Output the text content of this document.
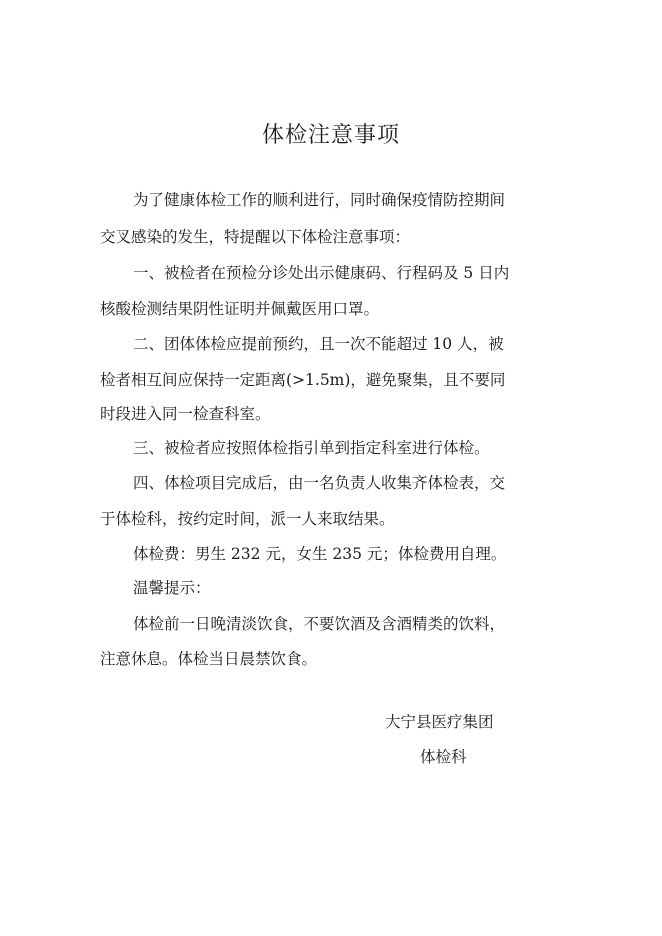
体检注意事项
为了健康体检工作的顺利进行，同时确保疫情防控期间
交叉感染的发生，特提醒以下体检注意事项：
一、被检者在预检分诊处出示健康码、行程码及 5 日内
核酸检测结果阴性证明并佩戴医用口罩。
二、团体体检应提前预约，且一次不能超过 10 人，被
检者相互间应保持一定距离(>1.5m)，避免聚集，且不要同
时段进入同一检查科室。
三、被检者应按照体检指引单到指定科室进行体检。
四、体检项目完成后，由一名负责人收集齐体检表，交
于体检科，按约定时间，派一人来取结果。
体检费：男生 232 元，女生 235 元；体检费用自理。
温馨提示：
体检前一日晚清淡饮食，不要饮酒及含酒精类的饮料，
注意休息。体检当日晨禁饮食。
大宁县医疗集团
体检科
